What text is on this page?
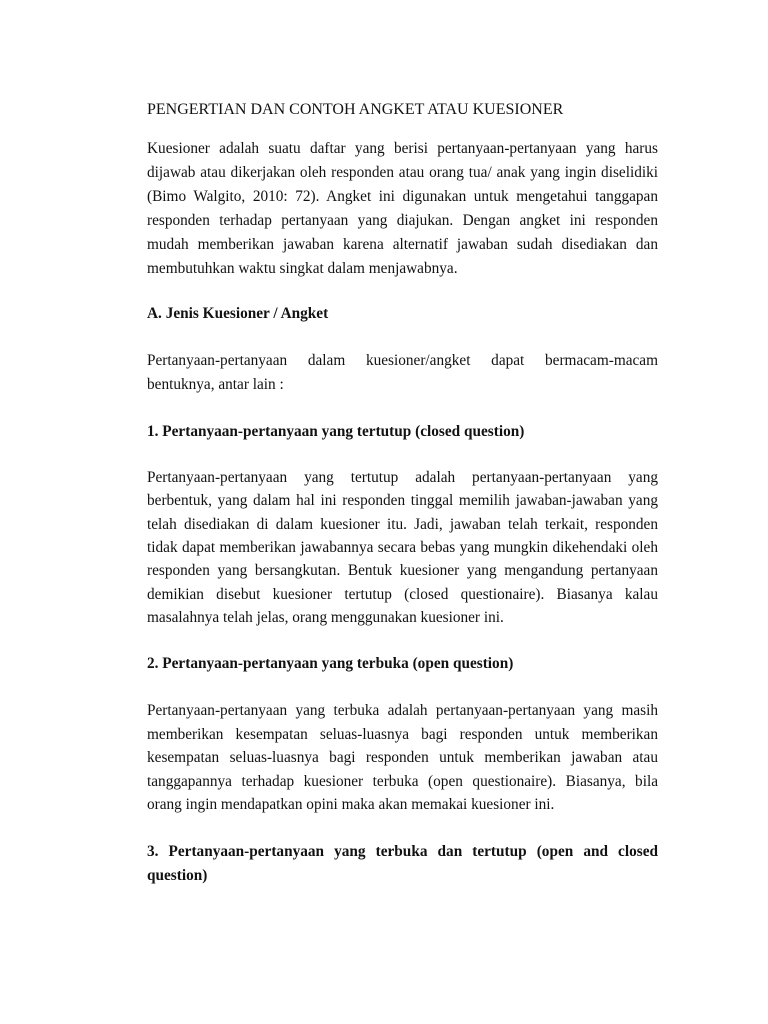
PENGERTIAN DAN CONTOH ANGKET ATAU KUESIONER
Kuesioner adalah suatu daftar yang berisi pertanyaan-pertanyaan yang harus
dijawab atau dikerjakan oleh responden atau orang tua/ anak yang ingin diselidiki
(Bimo Walgito, 2010: 72). Angket ini digunakan untuk mengetahui tanggapan
responden terhadap pertanyaan yang diajukan. Dengan angket ini responden
mudah memberikan jawaban karena alternatif jawaban sudah disediakan dan
membutuhkan waktu singkat dalam menjawabnya.
A. Jenis Kuesioner / Angket
Pertanyaan-pertanyaan dalam kuesioner/angket dapat bermacam-macam
bentuknya, antar lain :
1. Pertanyaan-pertanyaan yang tertutup (closed question)
Pertanyaan-pertanyaan yang tertutup adalah pertanyaan-pertanyaan yang
berbentuk, yang dalam hal ini responden tinggal memilih jawaban-jawaban yang
telah disediakan di dalam kuesioner itu. Jadi, jawaban telah terkait, responden
tidak dapat memberikan jawabannya secara bebas yang mungkin dikehendaki oleh
responden yang bersangkutan. Bentuk kuesioner yang mengandung pertanyaan
demikian disebut kuesioner tertutup (closed questionaire). Biasanya kalau
masalahnya telah jelas, orang menggunakan kuesioner ini.
2. Pertanyaan-pertanyaan yang terbuka (open question)
Pertanyaan-pertanyaan yang terbuka adalah pertanyaan-pertanyaan yang masih
memberikan kesempatan seluas-luasnya bagi responden untuk memberikan
kesempatan seluas-luasnya bagi responden untuk memberikan jawaban atau
tanggapannya terhadap kuesioner terbuka (open questionaire). Biasanya, bila
orang ingin mendapatkan opini maka akan memakai kuesioner ini.
3. Pertanyaan-pertanyaan yang terbuka dan tertutup (open and closed
question)
